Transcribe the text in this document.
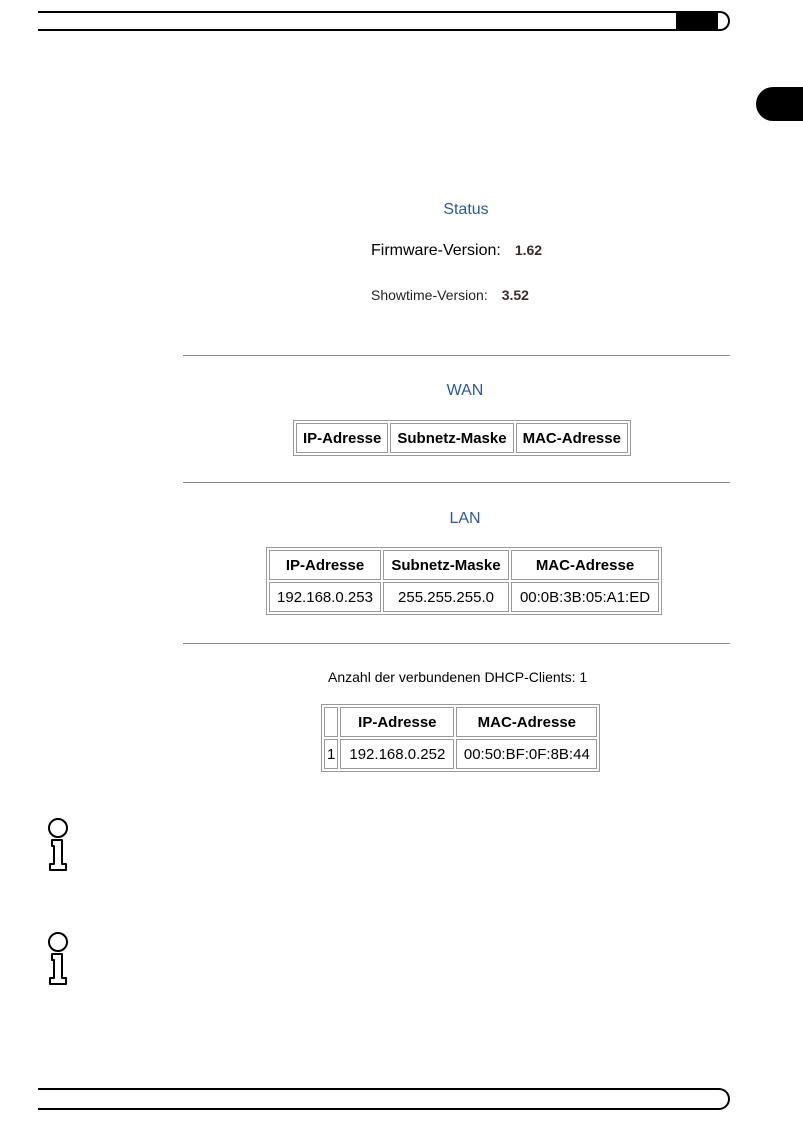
Status
Firmware-Version: 1.62
Showtime-Version: 3.52
WAN
IP-Adresse	Subnetz-Maske	MAC-Adresse
LAN
IP-Adresse	Subnetz-Maske	MAC-Adresse
192.168.0.253	255.255.255.0	00:0B:3B:05:A1:ED
Anzahl der verbundenen DHCP-Clients: 1
	IP-Adresse	MAC-Adresse
1	192.168.0.252	00:50:BF:0F:8B:44
